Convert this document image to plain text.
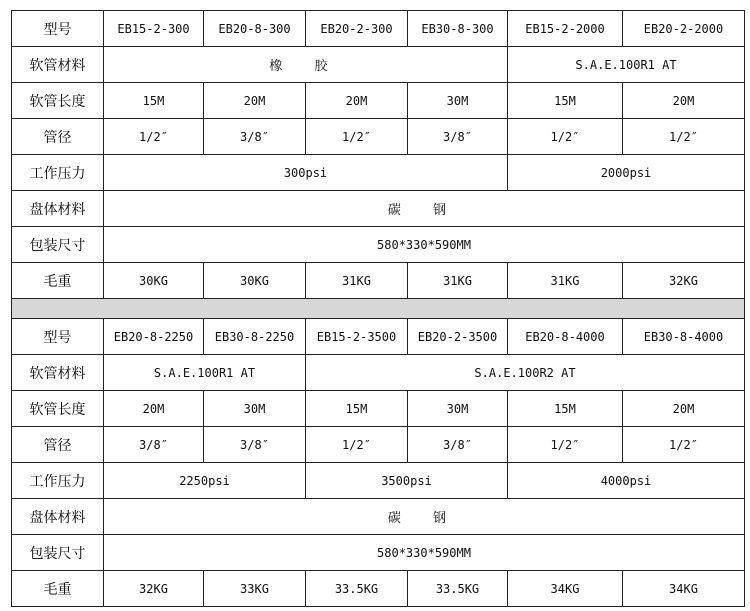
型号	EB15-2-300	EB20-8-300	EB20-2-300	EB30-8-300	EB15-2-2000	EB20-2-2000
软管材料	橡 胶				S.A.E.100R1 AT	
软管长度	15M	20M	20M	30M	15M	20M
管径	1/2″	3/8″	1/2″	3/8″	1/2″	1/2″
工作压力	300psi				2000psi	
盘体材料	碳 钢					
包装尺寸	580*330*590MM					
毛重	30KG	30KG	31KG	31KG	31KG	32KG

型号	EB20-8-2250	EB30-8-2250	EB15-2-3500	EB20-2-3500	EB20-8-4000	EB30-8-4000
软管材料	S.A.E.100R1 AT		S.A.E.100R2 AT			
软管长度	20M	30M	15M	30M	15M	20M
管径	3/8″	3/8″	1/2″	3/8″	1/2″	1/2″
工作压力	2250psi		3500psi		4000psi	
盘体材料	碳 钢					
包装尺寸	580*330*590MM					
毛重	32KG	33KG	33.5KG	33.5KG	34KG	34KG
